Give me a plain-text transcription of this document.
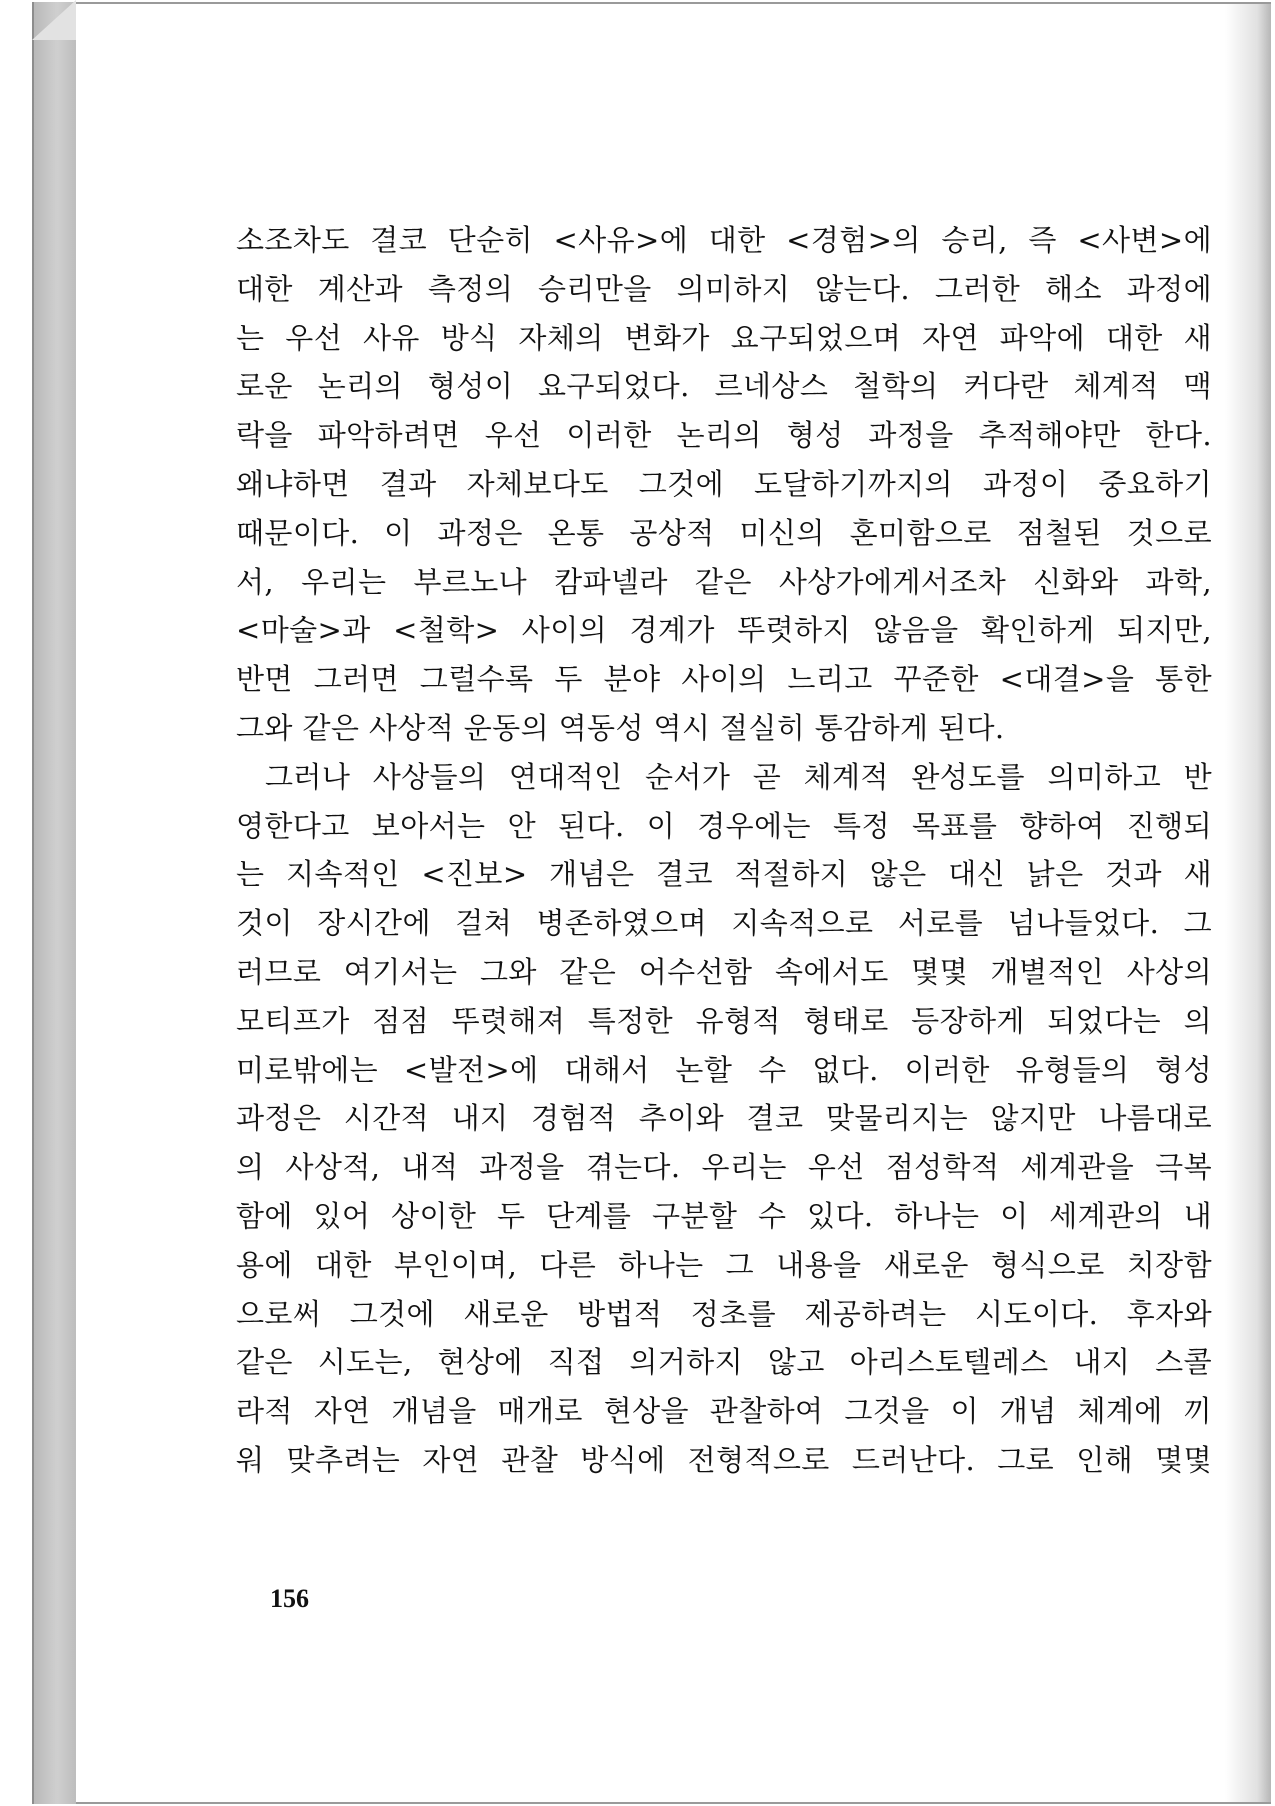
소조차도 결코 단순히 <사유>에 대한 <경험>의 승리, 즉 <사변>에
대한 계산과 측정의 승리만을 의미하지 않는다. 그러한 해소 과정에
는 우선 사유 방식 자체의 변화가 요구되었으며 자연 파악에 대한 새
로운 논리의 형성이 요구되었다. 르네상스 철학의 커다란 체계적 맥
락을 파악하려면 우선 이러한 논리의 형성 과정을 추적해야만 한다.
왜냐하면 결과 자체보다도 그것에 도달하기까지의 과정이 중요하기
때문이다. 이 과정은 온통 공상적 미신의 혼미함으로 점철된 것으로
서, 우리는 부르노나 캄파넬라 같은 사상가에게서조차 신화와 과학,
<마술>과 <철학> 사이의 경계가 뚜렷하지 않음을 확인하게 되지만,
반면 그러면 그럴수록 두 분야 사이의 느리고 꾸준한 <대결>을 통한
그와 같은 사상적 운동의 역동성 역시 절실히 통감하게 된다.
그러나 사상들의 연대적인 순서가 곧 체계적 완성도를 의미하고 반
영한다고 보아서는 안 된다. 이 경우에는 특정 목표를 향하여 진행되
는 지속적인 <진보> 개념은 결코 적절하지 않은 대신 낡은 것과 새
것이 장시간에 걸쳐 병존하였으며 지속적으로 서로를 넘나들었다. 그
러므로 여기서는 그와 같은 어수선함 속에서도 몇몇 개별적인 사상의
모티프가 점점 뚜렷해져 특정한 유형적 형태로 등장하게 되었다는 의
미로밖에는 <발전>에 대해서 논할 수 없다. 이러한 유형들의 형성
과정은 시간적 내지 경험적 추이와 결코 맞물리지는 않지만 나름대로
의 사상적, 내적 과정을 겪는다. 우리는 우선 점성학적 세계관을 극복
함에 있어 상이한 두 단계를 구분할 수 있다. 하나는 이 세계관의 내
용에 대한 부인이며, 다른 하나는 그 내용을 새로운 형식으로 치장함
으로써 그것에 새로운 방법적 정초를 제공하려는 시도이다. 후자와
같은 시도는, 현상에 직접 의거하지 않고 아리스토텔레스 내지 스콜
라적 자연 개념을 매개로 현상을 관찰하여 그것을 이 개념 체계에 끼
워 맞추려는 자연 관찰 방식에 전형적으로 드러난다. 그로 인해 몇몇
156
